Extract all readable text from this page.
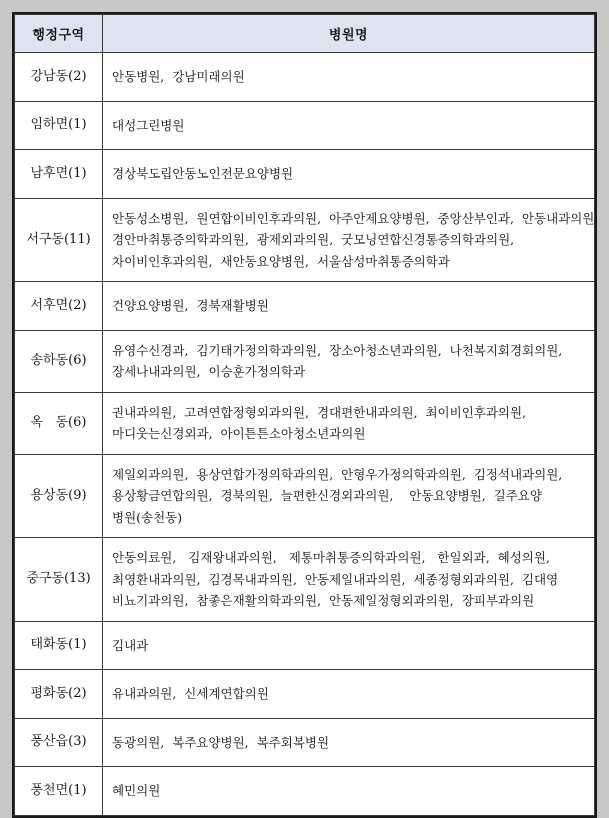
행정구역	병원명
강남동(2)	안동병원,  강남미래의원

임하면(1)	대성그린병원

남후면(1)	경상북도립안동노인전문요양병원

서구동(11)	안동성소병원,  원연합이비인후과의원,  아주안제요양병원,  중앙산부인과,  안동내과의원,
경안마취통증의학과의원,  광제외과의원,  굿모닝연합신경통증의학과의원,
차이비인후과의원,  새안동요양병원,  서울삼성마취통증의학과

서후면(2)	건양요양병원,  경북재활병원

송하동(6)	유영수신경과,  김기태가정의학과의원,  장소아청소년과의원,  나천복지회경회의원,
장세나내과의원,  이승훈가정의학과

옥   동(6)	권내과의원,  고려연합정형외과의원,  경대편한내과의원,  최이비인후과의원,
마디웃는신경외과,  아이튼튼소아청소년과의원

용상동(9)	제일외과의원,  용상연합가정의학과의원,  안형우가정의학과의원,  김정석내과의원,
용상황금연합의원,  경북의원,  늘편한신경외과의원,    안동요양병원,  길주요양
병원(송천동)

중구동(13)	안동의료원,   김재왕내과의원,   제통마취통증의학과의원,   한일외과,  혜성의원,
최영환내과의원,  김경목내과의원,  안동제일내과의원,  세종정형외과의원,  김대영
비뇨기과의원,  참좋은재활의학과의원,  안동제일정형외과의원,  장피부과의원

태화동(1)	김내과

평화동(2)	유내과의원,  신세계연합의원

풍산읍(3)	동광의원,  복주요양병원,  복주회복병원

풍천면(1)	혜민의원
